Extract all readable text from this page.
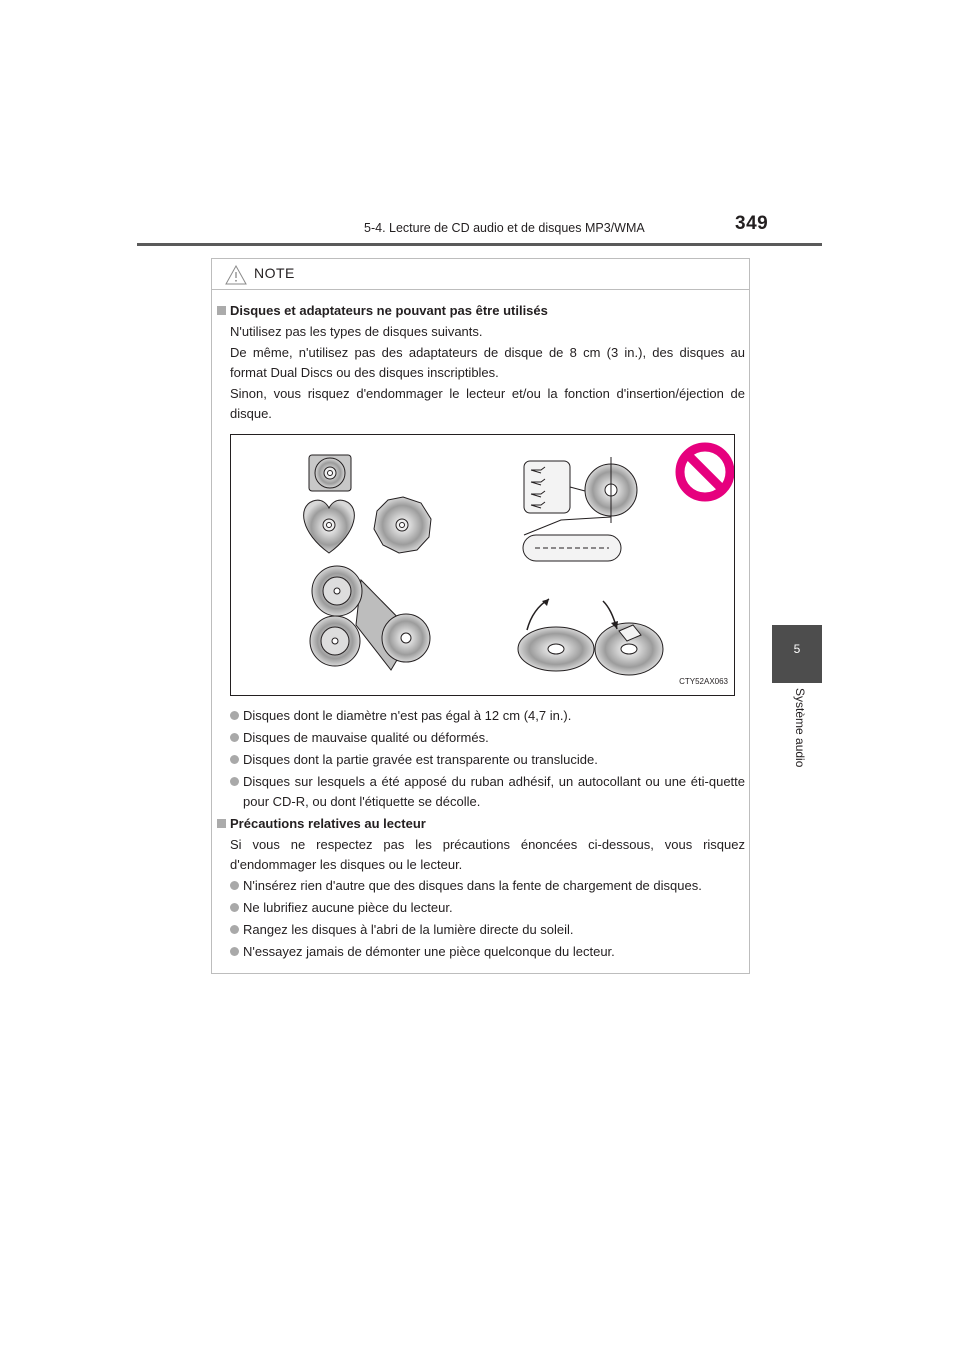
5-4. Lecture de CD audio et de disques MP3/WMA	349
5
Système audio
NOTE
Disques et adaptateurs ne pouvant pas être utilisés
N'utilisez pas les types de disques suivants.
De même, n'utilisez pas des adaptateurs de disque de 8 cm (3 in.), des disques au format Dual Discs ou des disques inscriptibles.
Sinon, vous risquez d'endommager le lecteur et/ou la fonction d'insertion/éjection de disque.
CTY52AX063
Disques dont le diamètre n'est pas égal à 12 cm (4,7 in.).
Disques de mauvaise qualité ou déformés.
Disques dont la partie gravée est transparente ou translucide.
Disques sur lesquels a été apposé du ruban adhésif, un autocollant ou une éti-quette pour CD-R, ou dont l'étiquette se décolle.
Précautions relatives au lecteur
Si vous ne respectez pas les précautions énoncées ci-dessous, vous risquez d'endommager les disques ou le lecteur.
N'insérez rien d'autre que des disques dans la fente de chargement de disques.
Ne lubrifiez aucune pièce du lecteur.
Rangez les disques à l'abri de la lumière directe du soleil.
N'essayez jamais de démonter une pièce quelconque du lecteur.
